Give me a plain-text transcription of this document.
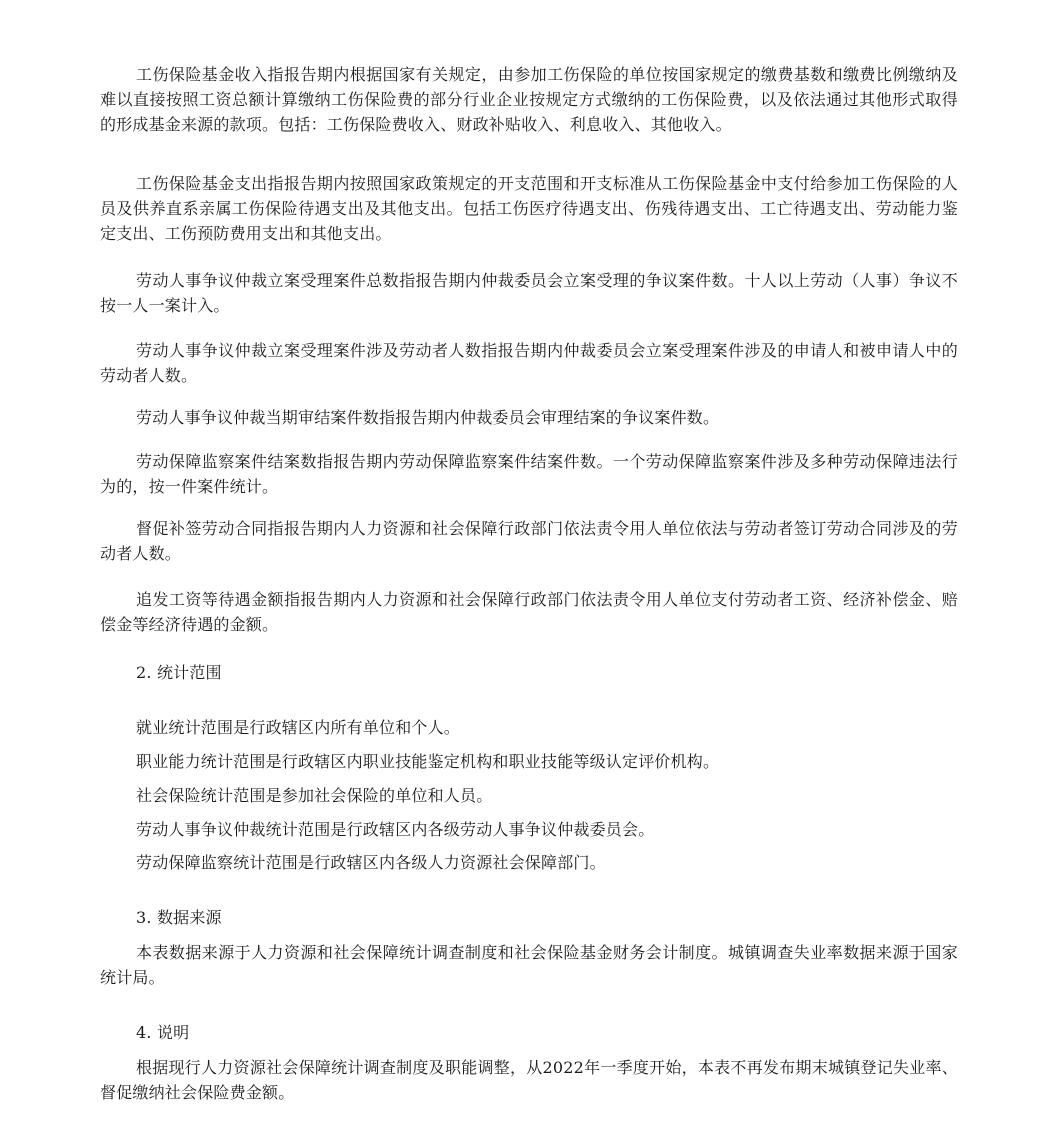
工伤保险基金收入指报告期内根据国家有关规定，由参加工伤保险的单位按国家规定的缴费基数和缴费比例缴纳及难以直接按照工资总额计算缴纳工伤保险费的部分行业企业按规定方式缴纳的工伤保险费，以及依法通过其他形式取得的形成基金来源的款项。包括：工伤保险费收入、财政补贴收入、利息收入、其他收入。

工伤保险基金支出指报告期内按照国家政策规定的开支范围和开支标准从工伤保险基金中支付给参加工伤保险的人员及供养直系亲属工伤保险待遇支出及其他支出。包括工伤医疗待遇支出、伤残待遇支出、工亡待遇支出、劳动能力鉴定支出、工伤预防费用支出和其他支出。

劳动人事争议仲裁立案受理案件总数指报告期内仲裁委员会立案受理的争议案件数。十人以上劳动（人事）争议不按一人一案计入。

劳动人事争议仲裁立案受理案件涉及劳动者人数指报告期内仲裁委员会立案受理案件涉及的申请人和被申请人中的劳动者人数。

劳动人事争议仲裁当期审结案件数指报告期内仲裁委员会审理结案的争议案件数。

劳动保障监察案件结案数指报告期内劳动保障监察案件结案件数。一个劳动保障监察案件涉及多种劳动保障违法行为的，按一件案件统计。

督促补签劳动合同指报告期内人力资源和社会保障行政部门依法责令用人单位依法与劳动者签订劳动合同涉及的劳动者人数。

追发工资等待遇金额指报告期内人力资源和社会保障行政部门依法责令用人单位支付劳动者工资、经济补偿金、赔偿金等经济待遇的金额。

2. 统计范围

就业统计范围是行政辖区内所有单位和个人。

职业能力统计范围是行政辖区内职业技能鉴定机构和职业技能等级认定评价机构。

社会保险统计范围是参加社会保险的单位和人员。

劳动人事争议仲裁统计范围是行政辖区内各级劳动人事争议仲裁委员会。

劳动保障监察统计范围是行政辖区内各级人力资源社会保障部门。

3. 数据来源

本表数据来源于人力资源和社会保障统计调查制度和社会保险基金财务会计制度。城镇调查失业率数据来源于国家统计局。

4. 说明

根据现行人力资源社会保障统计调查制度及职能调整，从2022年一季度开始，本表不再发布期末城镇登记失业率、督促缴纳社会保险费金额。
